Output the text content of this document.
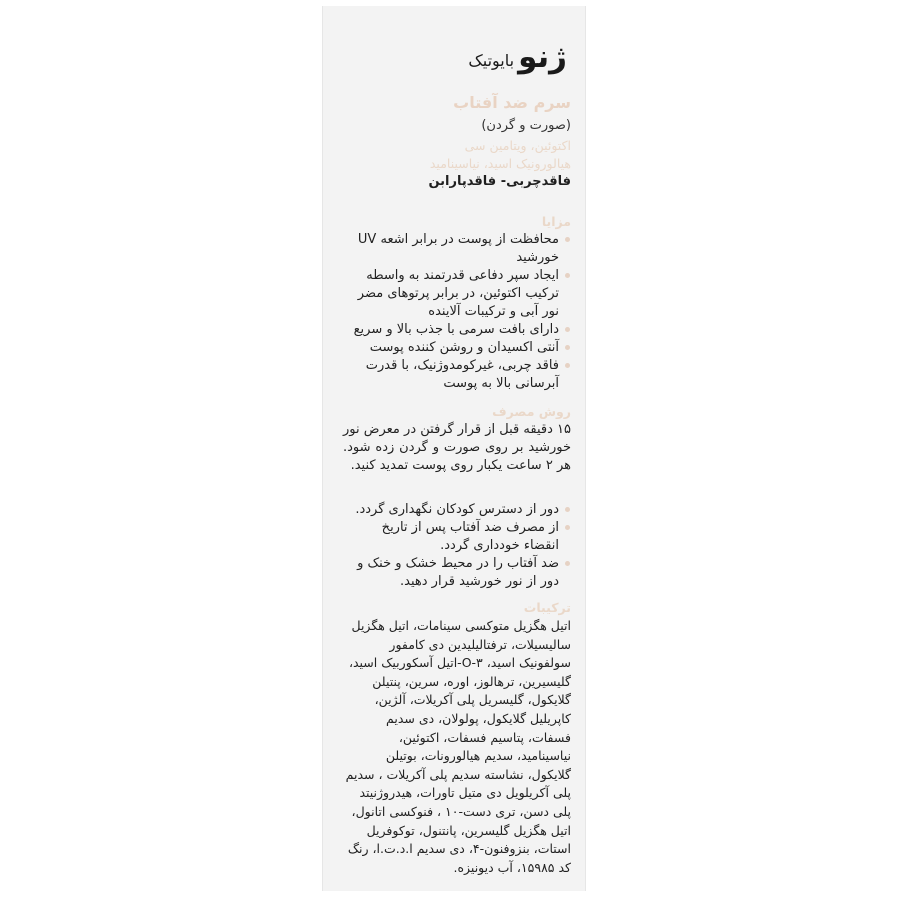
ژنو
بایوتیک
سرم ضد آفتاب
(صورت و گردن)
اکتوئین، ویتامین سی
هیالورونیک اسید، نیاسینامید
فاقدچربی- فاقدپارابن
مزایا
محافظت از پوست در برابر اشعه UV خورشید
ایجاد سپر دفاعی قدرتمند به واسطه ترکیب اکتوئین، در برابر پرتوهای مضر نور آبی و ترکیبات آلاینده
دارای بافت سرمی با جذب بالا و سریع
آنتی اکسیدان و روشن کننده پوست
فاقد چربی، غیرکومدوژنیک، با قدرت آبرسانی بالا به پوست
روش مصرف
۱۵ دقیقه قبل از قرار گرفتن در معرض نور خورشید بر روی صورت و گردن زده شود. هر ۲ ساعت یکبار روی پوست تمدید کنید.
دور از دسترس کودکان نگهداری گردد.
از مصرف ضد آفتاب پس از تاریخ انقضاء خودداری گردد.
ضد آفتاب را در محیط خشک و خنک و دور از نور خورشید قرار دهید.
ترکیبات
اتیل هگزیل متوکسی سینامات، اتیل هگزیل سالیسیلات، ترفتالیلیدین دی کامفور سولفونیک اسید، ۳-O-اتیل آسکوربیک اسید، گلیسیرین، ترهالوز، اوره، سرین، پنتیلن گلایکول، گلیسریل پلی آکریلات، آلژین، کاپریلیل گلایکول، پولولان، دی سدیم فسفات، پتاسیم فسفات، اکتوئین، نیاسینامید، سدیم هیالورونات، بوتیلن گلایکول، نشاسته سدیم پلی آکریلات ، سدیم پلی آکریلویل دی متیل تاورات، هیدروژنیتد پلی دسن، تری دست-۱۰ ، فنوکسی اتانول، اتیل هگزیل گلیسرین، پانتنول، توکوفریل استات، بنزوفنون-۴، دی سدیم ا.د.ت.ا، رنگ کد ۱۵۹۸۵، آب دیونیزه.
